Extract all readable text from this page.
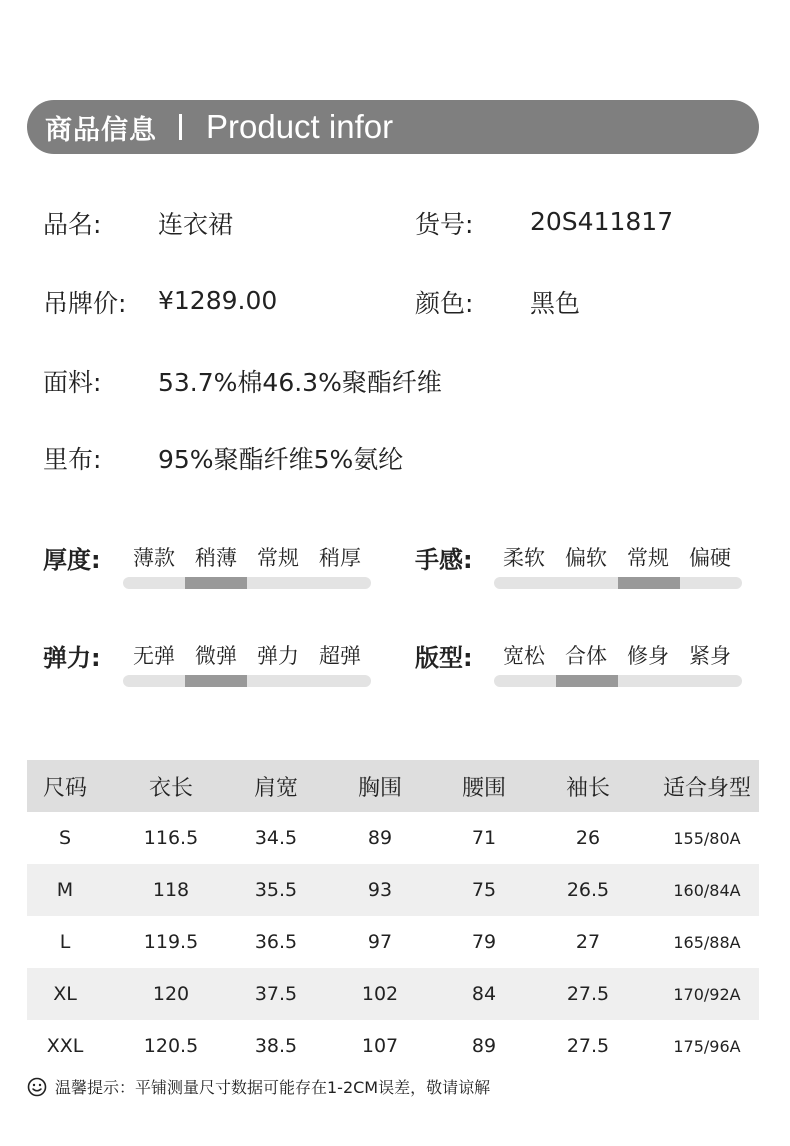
商品信息 Product infor
品名: 连衣裙	货号: 20S411817
吊牌价: ¥1289.00	颜色: 黑色
面料: 53.7%棉46.3%聚酯纤维
里布: 95%聚酯纤维5%氨纶
厚度:	薄款 稍薄 常规 稍厚	手感:	柔软 偏软 常规 偏硬
弹力:	无弹 微弹 弹力 超弹	版型:	宽松 合体 修身 紧身
尺码	衣长	肩宽	胸围	腰围	袖长	适合身型
S	116.5	34.5	89	71	26	155/80A
M	118	35.5	93	75	26.5	160/84A
L	119.5	36.5	97	79	27	165/88A
XL	120	37.5	102	84	27.5	170/92A
XXL	120.5	38.5	107	89	27.5	175/96A
温馨提示：平铺测量尺寸数据可能存在1-2CM误差，敬请谅解
